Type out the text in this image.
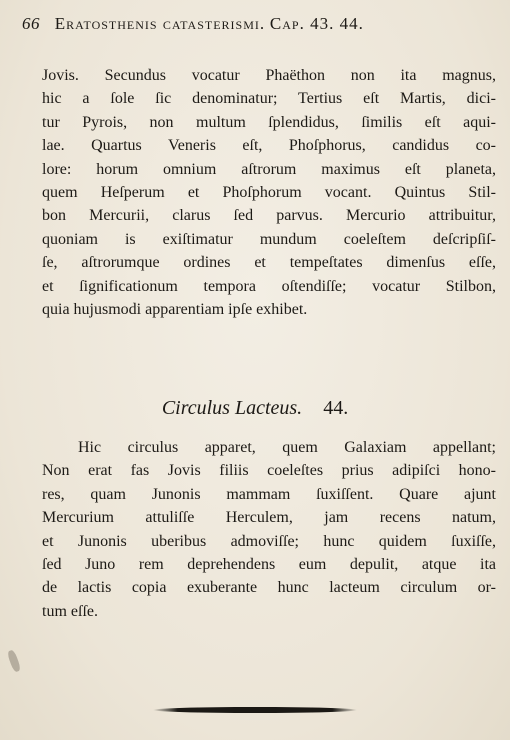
66 Eratosthenis catasterismi. Cap. 43. 44.
Jovis. Secundus vocatur Phaëthon non ita magnus,
hic a ſole ſic denominatur; Tertius eſt Martis, dici-
tur Pyrois, non multum ſplendidus, ſimilis eſt aqui-
lae. Quartus Veneris eſt, Phoſphorus, candidus co-
lore: horum omnium aſtrorum maximus eſt planeta,
quem Heſperum et Phoſphorum vocant. Quintus Stil-
bon Mercurii, clarus ſed parvus. Mercurio attribuitur,
quoniam is exiſtimatur mundum coeleſtem deſcripſiſ-
ſe, aſtrorumque ordines et tempeſtates dimenſus eſſe,
et ſignificationum tempora oſtendiſſe; vocatur Stilbon,
quia hujusmodi apparentiam ipſe exhibet.
Circulus Lacteus. 44.
Hic circulus apparet, quem Galaxiam appellant;
Non erat fas Jovis filiis coeleſtes prius adipiſci hono-
res, quam Junonis mammam ſuxiſſent. Quare ajunt
Mercurium attuliſſe Herculem, jam recens natum,
et Junonis uberibus admoviſſe; hunc quidem ſuxiſſe,
ſed Juno rem deprehendens eum depulit, atque ita
de lactis copia exuberante hunc lacteum circulum or-
tum eſſe.
